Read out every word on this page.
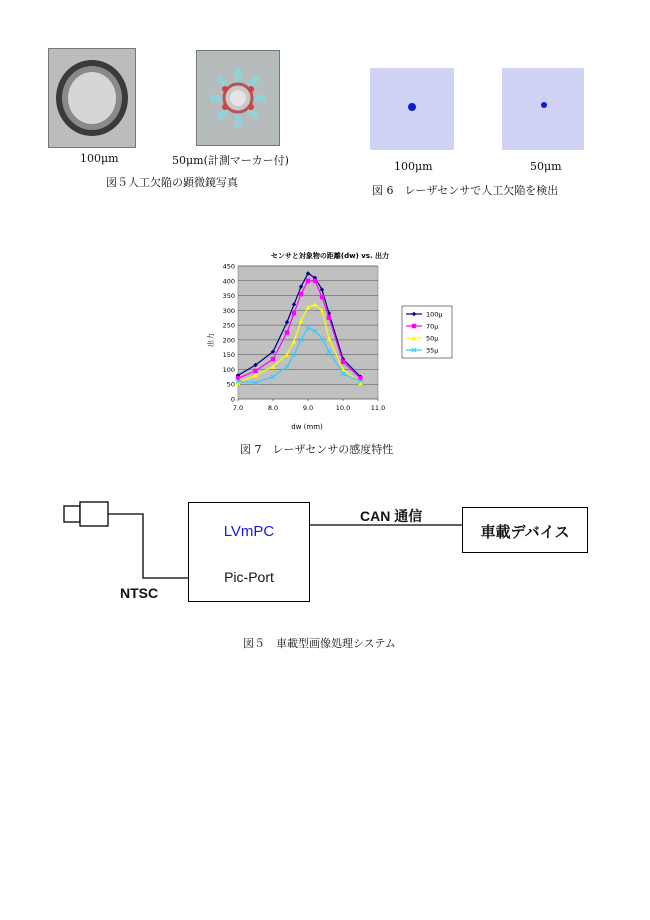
100μm	50μm(計測マーカー付)
図５人工欠陥の顕微鏡写真
100μm	50μm
図 6　レーザセンサで人工欠陥を検出
センサと対象物の距離(dw) vs. 出力
0
50
100
150
200
250
300
350
400
450
7.0	8.0	9.0	10.0	11.0
100μ
70μ
50μ
35μ
dw (mm)
出力
図 7　レーザセンサの感度特性
LVmPC
Pic-Port
車載デバイス
NTSC
CAN 通信
図５　車載型画像処理システム
